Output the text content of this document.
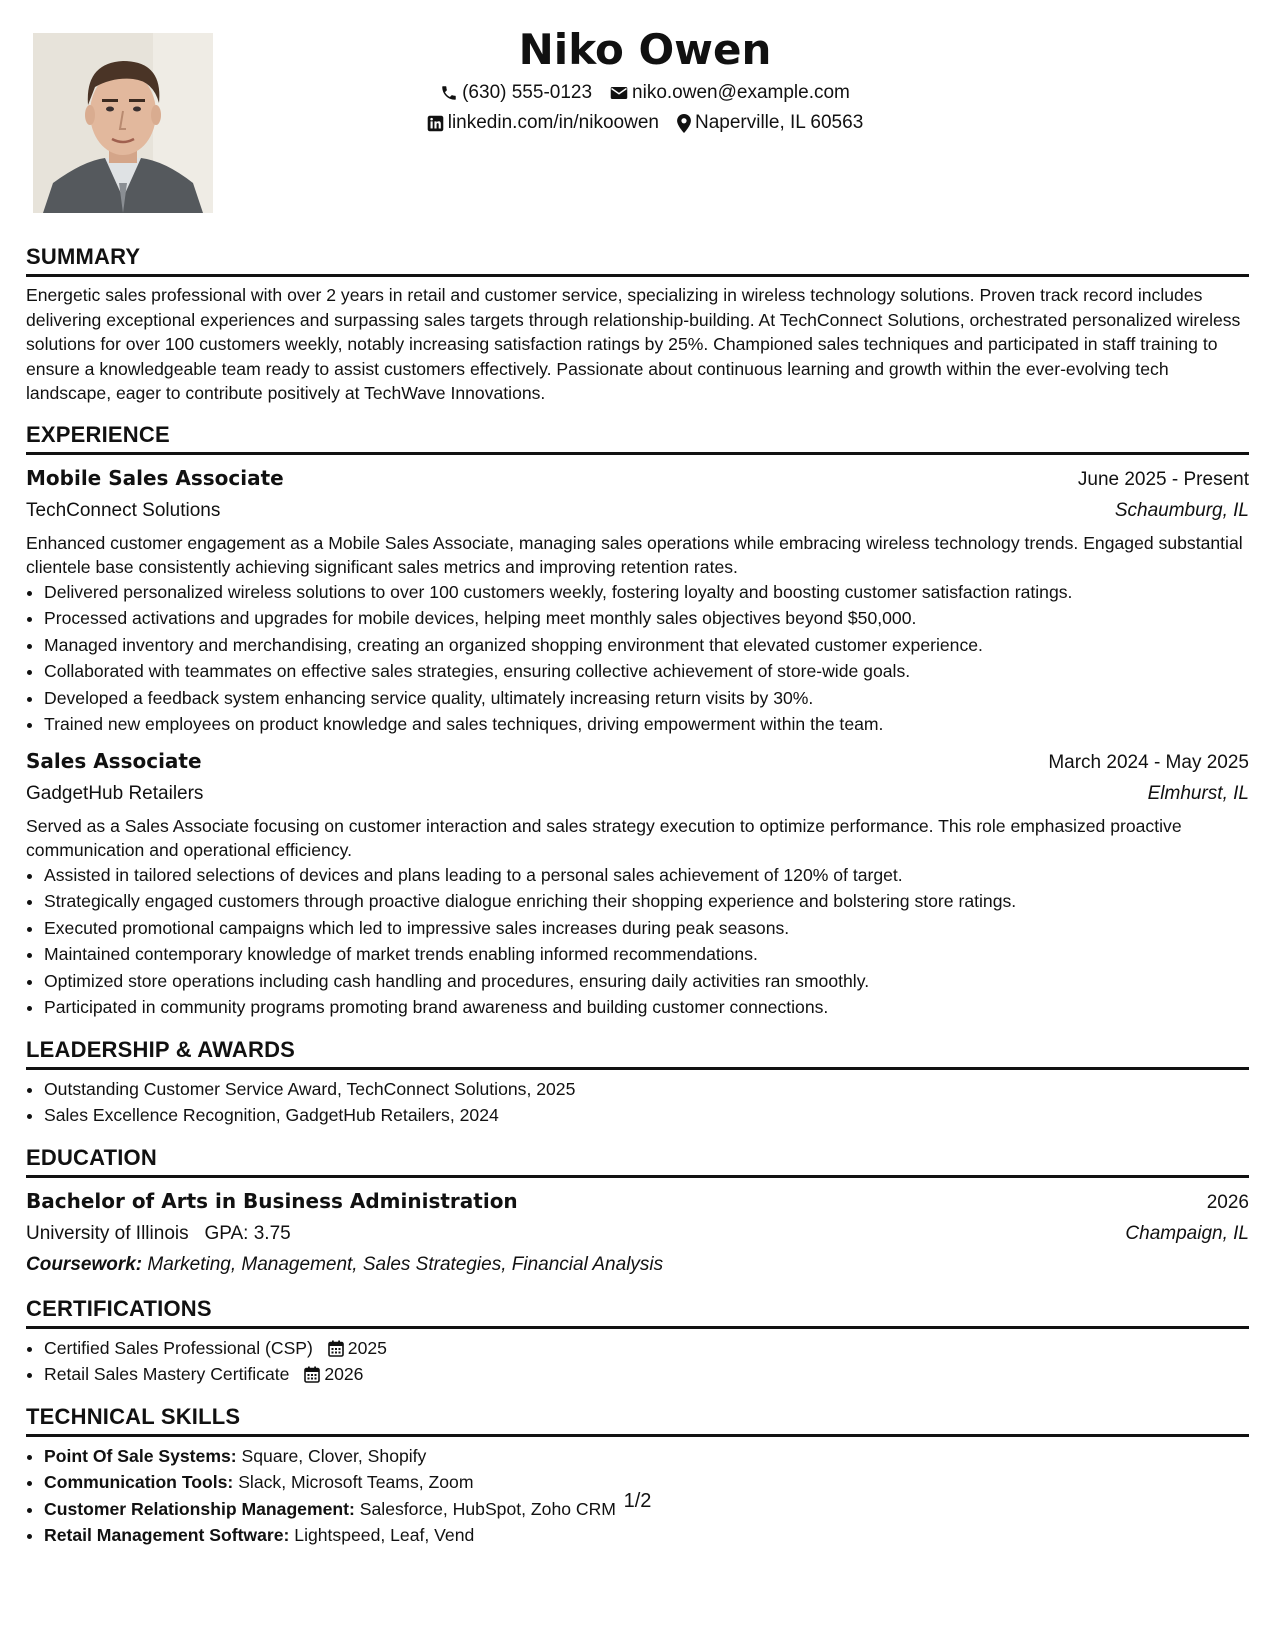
Niko Owen
(630) 555-0123 niko.owen@example.com
linkedin.com/in/nikoowen Naperville, IL 60563
SUMMARY

Energetic sales professional with over 2 years in retail and customer service, specializing in wireless technology solutions. Proven track record includes delivering exceptional experiences and surpassing sales targets through relationship-building. At TechConnect Solutions, orchestrated personalized wireless solutions for over 100 customers weekly, notably increasing satisfaction ratings by 25%. Championed sales techniques and participated in staff training to ensure a knowledgeable team ready to assist customers effectively. Passionate about continuous learning and growth within the ever-evolving tech landscape, eager to contribute positively at TechWave Innovations.

EXPERIENCE
Mobile Sales Associate	June 2025 - Present
TechConnect Solutions	Schaumburg, IL

Enhanced customer engagement as a Mobile Sales Associate, managing sales operations while embracing wireless technology trends. Engaged substantial clientele base consistently achieving significant sales metrics and improving retention rates.

• Delivered personalized wireless solutions to over 100 customers weekly, fostering loyalty and boosting customer satisfaction ratings.
• Processed activations and upgrades for mobile devices, helping meet monthly sales objectives beyond $50,000.
• Managed inventory and merchandising, creating an organized shopping environment that elevated customer experience.
• Collaborated with teammates on effective sales strategies, ensuring collective achievement of store-wide goals.
• Developed a feedback system enhancing service quality, ultimately increasing return visits by 30%.
• Trained new employees on product knowledge and sales techniques, driving empowerment within the team.
Sales Associate	March 2024 - May 2025
GadgetHub Retailers	Elmhurst, IL

Served as a Sales Associate focusing on customer interaction and sales strategy execution to optimize performance. This role emphasized proactive communication and operational efficiency.

• Assisted in tailored selections of devices and plans leading to a personal sales achievement of 120% of target.
• Strategically engaged customers through proactive dialogue enriching their shopping experience and bolstering store ratings.
• Executed promotional campaigns which led to impressive sales increases during peak seasons.
• Maintained contemporary knowledge of market trends enabling informed recommendations.
• Optimized store operations including cash handling and procedures, ensuring daily activities ran smoothly.
• Participated in community programs promoting brand awareness and building customer connections.
LEADERSHIP & AWARDS
• Outstanding Customer Service Award, TechConnect Solutions, 2025
• Sales Excellence Recognition, GadgetHub Retailers, 2024
EDUCATION
Bachelor of Arts in Business Administration	2026
University of Illinois GPA: 3.75	Champaign, IL
Coursework: Marketing, Management, Sales Strategies, Financial Analysis
CERTIFICATIONS
• Certified Sales Professional (CSP) 2025
• Retail Sales Mastery Certificate 2026
TECHNICAL SKILLS
• Point Of Sale Systems: Square, Clover, Shopify
• Communication Tools: Slack, Microsoft Teams, Zoom
• Customer Relationship Management: Salesforce, HubSpot, Zoho CRM
• Retail Management Software: Lightspeed, Leaf, Vend
1/2
